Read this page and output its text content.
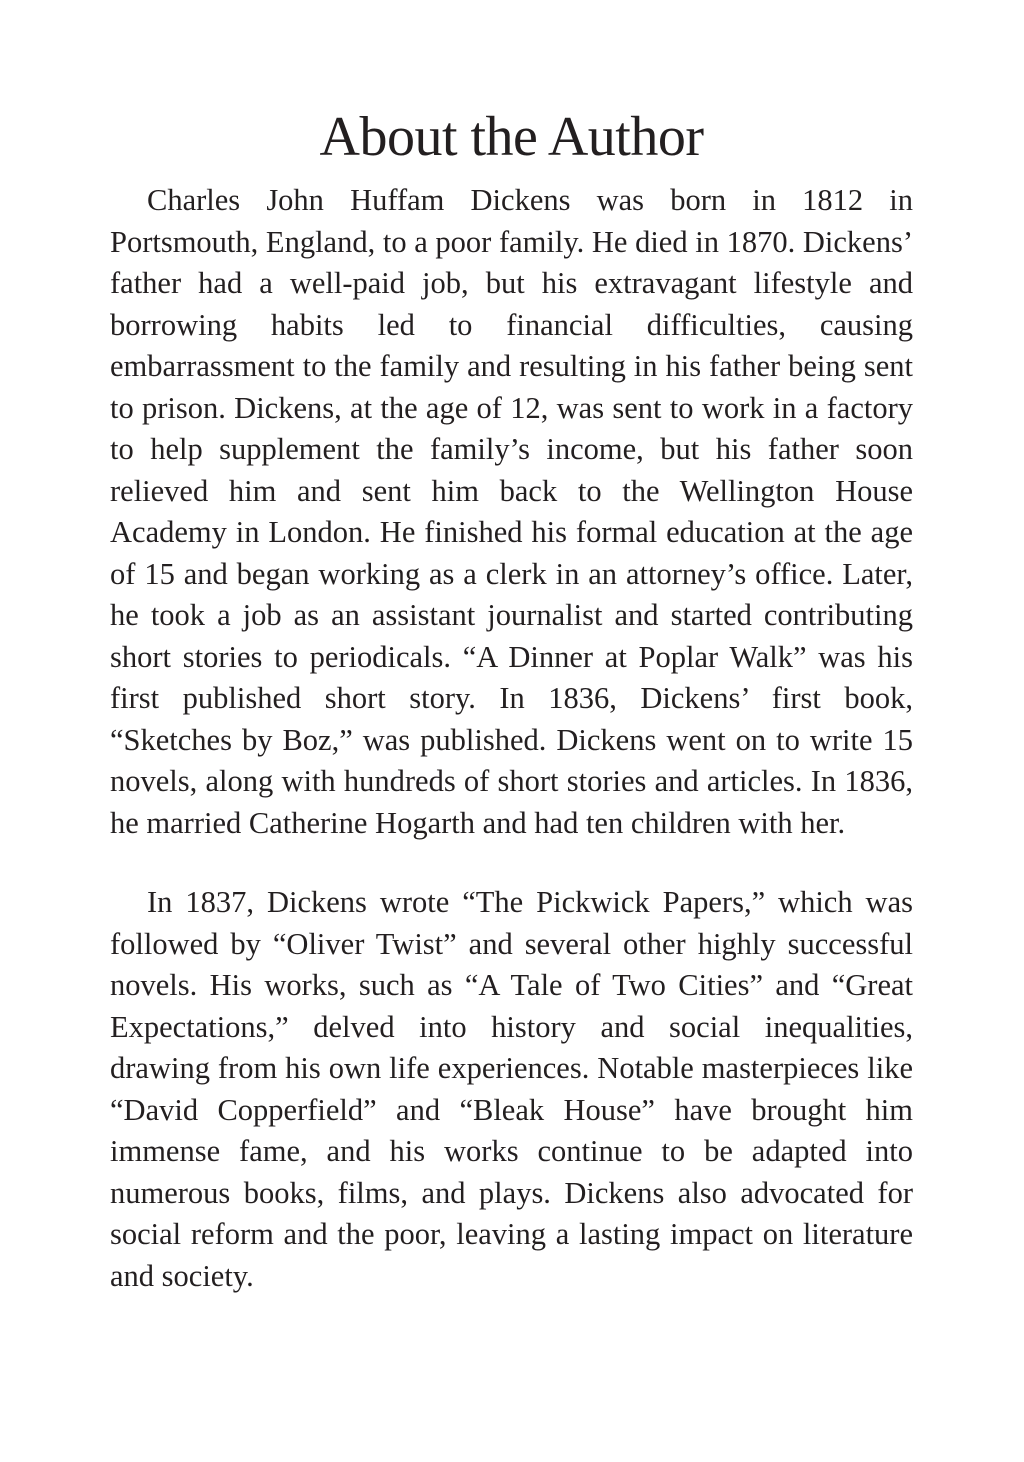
About the Author

Charles John Huffam Dickens was born in 1812 in Portsmouth, England, to a poor family. He died in 1870. Dickens’ father had a well-paid job, but his extravagant lifestyle and borrowing habits led to financial difficulties, causing embarrassment to the family and resulting in his father being sent to prison. Dickens, at the age of 12, was sent to work in a factory to help supplement the family’s income, but his father soon relieved him and sent him back to the Wellington House Academy in London. He finished his formal education at the age of 15 and began working as a clerk in an attorney’s office. Later, he took a job as an assistant journalist and started contributing short stories to periodicals. “A Dinner at Poplar Walk” was his first published short story. In 1836, Dickens’ first book, “Sketches by Boz,” was published. Dickens went on to write 15 novels, along with hundreds of short stories and articles. In 1836, he married Catherine Hogarth and had ten children with her.

In 1837, Dickens wrote “The Pickwick Papers,” which was followed by “Oliver Twist” and several other highly successful novels. His works, such as “A Tale of Two Cities” and “Great Expectations,” delved into history and social inequalities, drawing from his own life experiences. Notable masterpieces like “David Copperfield” and “Bleak House” have brought him immense fame, and his works continue to be adapted into numerous books, films, and plays. Dickens also advocated for social reform and the poor, leaving a lasting impact on literature and society.
